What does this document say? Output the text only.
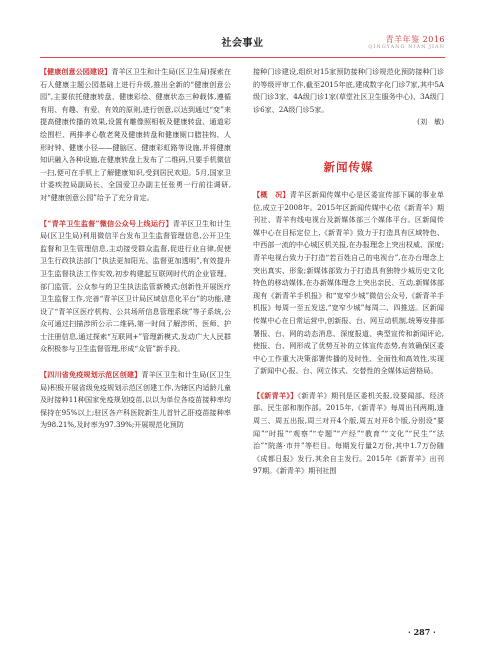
社会事业	青羊年鉴 2016
QINGYANG NIAN JIAN

【健康创意公园建设】青羊区卫生和计生局(区卫生局)探索在石人健康主题公园基础上进行升级,推出全新的“健康创意公园”,主要依托健康转盘、健康彩绘、健康状态三种载体,遵循有用、有趣、有爱、有效的原则,进行创意,以达到通过“变”来提高健康传播的效果,设置有雕像照相板及健康转盘、通道彩绘围栏、两排孝心敬老凳及健康转盘和健康厕口腊挂钩、人形时钟、健康小径——健脑区、健康彩虹路等设施,并将健康知识融入各种设施,在健康转盘上发布了二维码,只要手机微信一扫,便可在手机上了解健康知识,受到居民欢迎。5月,国家卫计委疾控局副局长、全国爱卫办副主任张勇一行前往调研,对“健康创意公园”给予了充分肯定。

【“青羊卫生监督”微信公众号上线运行】青羊区卫生和计生局(区卫生局)利用微信平台发布卫生监督管理信息,公开卫生监督和卫生管理信息,主动接受群众监督,促进行业自律,促使卫生行政执法部门“执法更加阳光、监督更加透明”,有效提升卫生监督执法工作实效,初步构建起互联网时代的企业管理、部门监管、公众参与的卫生执法监管新模式;创新性开展医疗卫生监督工作,完善“青羊区卫计局区域信息化平台”的功能,建设了“青羊区医疗机构、公共场所信息管理系统”等子系统,公众可通过扫描涉所公示二维码,第一时间了解涉所、医师、护士注册信息,通过探索“互联网+”管理新模式,发动广大人民群众积极参与卫生监督管理,形成“众管”新手段。

【四川省免疫规划示范区创建】青羊区卫生和计生局(区卫生局)积极开展省级免疫规划示范区创建工作,为辖区内适龄儿童及时接种11种国家免疫规划疫苗,以以为单位各疫苗接种率均保持在95%以上;驻区各产科医院新生儿首针乙肝疫苗接种率为98.21%,及时率为97.39%;开展规范化预防

接种门诊建设,组织对15家预防接种门诊规范化预防接种门诊的等级评审工作,截至2015年底,建成数字化门诊7家,其中5A级门诊3家、4A级门诊1家(草堂社区卫生服务中心)、3A级门诊6家、2A级门诊5家。

(刘　敏)

新闻传媒

【概　况】青羊区新闻传媒中心是区委宣传部下属的事业单位,成立于2008年。2015年区新闻传媒中心依《新青羊》期刊社、青羊有线电视台及新媒体部三个媒体平台。区新闻传媒中心在目标定位上,《新青羊》致力于打造具有区域特色、中西部一流的中心城区机关报,在办报理念上突出权威、深度;青羊电视台致力于打造“若百姓自己的电视台”,在办台理念上突出真实、形象;新媒体部致力于打造具有独特少城历史文化特色的移动媒体,在办新媒体理念上突出亲民、互动,新媒体部现有《新青羊手机报》和“宽窄少城”微信公众号,《新青羊手机报》每周一至五发送,“宽窄少城”每周二、四推送。区新闻传媒中心在日常运营中,创新报、台、网互动机制,统筹安排部署报、台、网的动态消息、深度报道、典型宣传和新闻评论,使报、台、网形成了优势互补的立体宣传态势,有效确保区委中心工作重大决策部署传播的及时性、全面性和高效性,实现了新闻中心报、台、网立体式、交替性的全媒体运营格局。

【《新青羊》】《新青羊》期刊是区委机关报,设要闻部、经济部、民生部和制作部。2015年,《新青羊》每周出刊两期,逢周三、周五出报,周三对开4个版,周五对开8个版,分别设“要闻”“时报”“观察”“专题”“产经”“教育”“文化”“民生”“法治”“院落·市井”等栏目。每期发行量2万份,其中1.7万份随《成都日报》发行,其余自主发行。2015年《新青羊》出刊97期。《新青羊》期刊社围

· 287 ·
